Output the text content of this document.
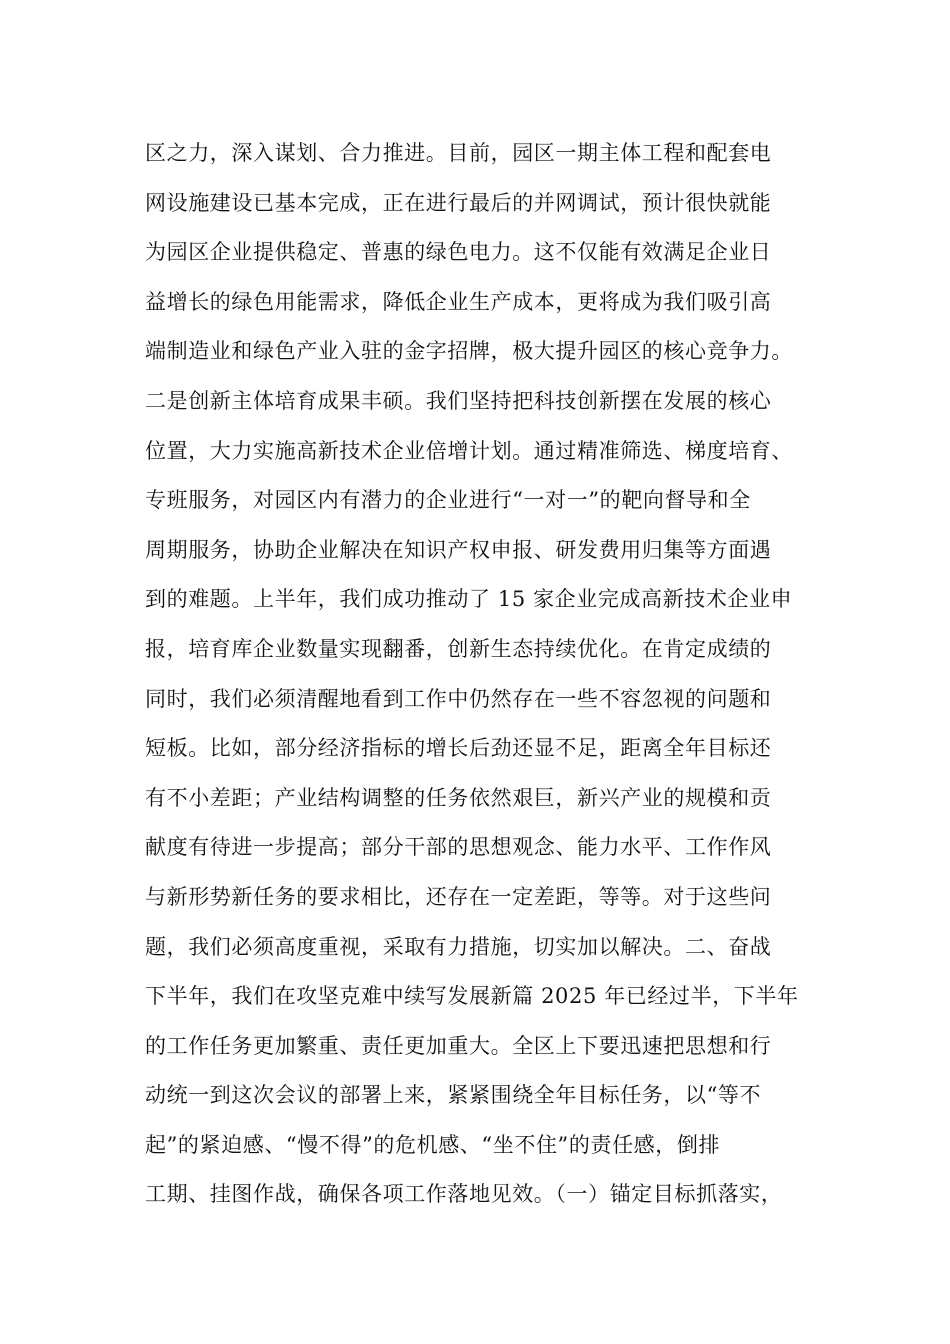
区之力，深入谋划、合力推进。目前，园区一期主体工程和配套电
网设施建设已基本完成，正在进行最后的并网调试，预计很快就能
为园区企业提供稳定、普惠的绿色电力。这不仅能有效满足企业日
益增长的绿色用能需求，降低企业生产成本，更将成为我们吸引高
端制造业和绿色产业入驻的金字招牌，极大提升园区的核心竞争力。
二是创新主体培育成果丰硕。我们坚持把科技创新摆在发展的核心
位置，大力实施高新技术企业倍增计划。通过精准筛选、梯度培育、
专班服务，对园区内有潜力的企业进行“一对一”的靶向督导和全
周期服务，协助企业解决在知识产权申报、研发费用归集等方面遇
到的难题。上半年，我们成功推动了 15 家企业完成高新技术企业申
报，培育库企业数量实现翻番，创新生态持续优化。在肯定成绩的
同时，我们必须清醒地看到工作中仍然存在一些不容忽视的问题和
短板。比如，部分经济指标的增长后劲还显不足，距离全年目标还
有不小差距；产业结构调整的任务依然艰巨，新兴产业的规模和贡
献度有待进一步提高；部分干部的思想观念、能力水平、工作作风
与新形势新任务的要求相比，还存在一定差距，等等。对于这些问
题，我们必须高度重视，采取有力措施，切实加以解决。二、奋战
下半年，我们在攻坚克难中续写发展新篇 2025 年已经过半，下半年
的工作任务更加繁重、责任更加重大。全区上下要迅速把思想和行
动统一到这次会议的部署上来，紧紧围绕全年目标任务，以“等不
起”的紧迫感、“慢不得”的危机感、“坐不住”的责任感，倒排
工期、挂图作战，确保各项工作落地见效。（一）锚定目标抓落实，
